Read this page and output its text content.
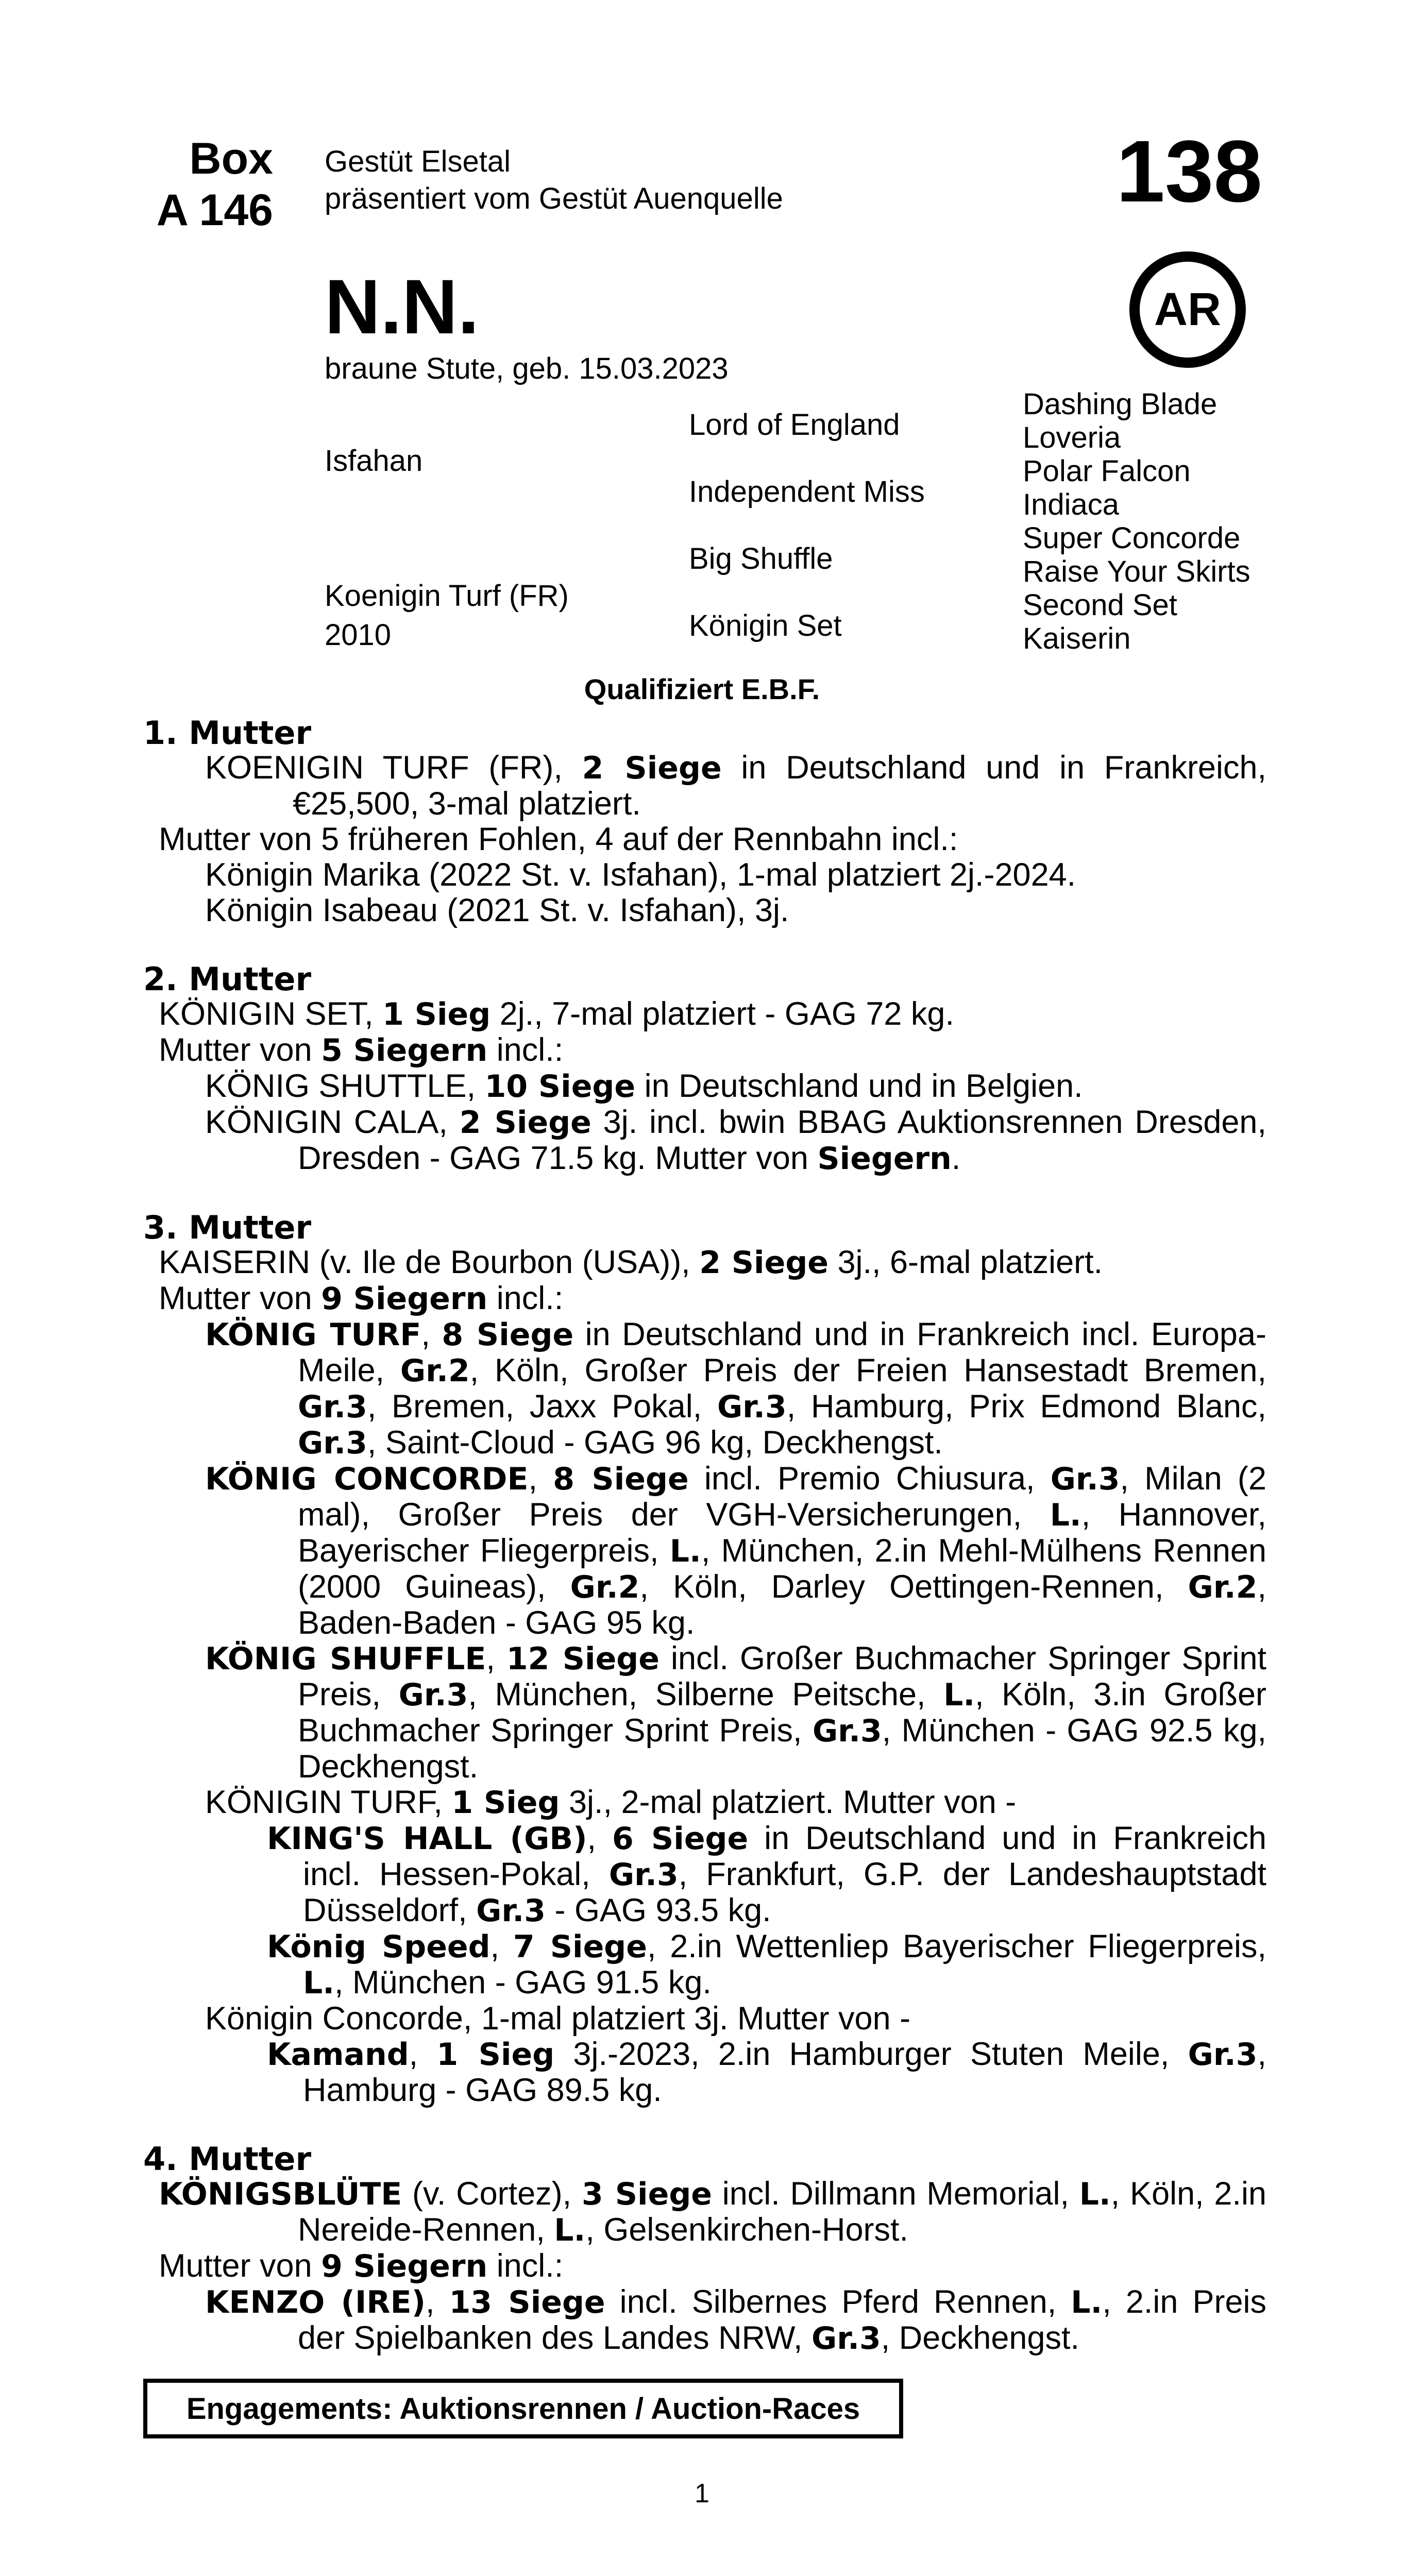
Box
A 146
Gestüt Elsetal
präsentiert vom Gestüt Auenquelle	138
AR
N.N.
braune Stute, geb. 15.03.2023
Isfahan
Koenigin Turf (FR)
2010
Lord of England
Independent Miss
Big Shuffle
Königin Set
Dashing Blade
Loveria
Polar Falcon
Indiaca
Super Concorde
Raise Your Skirts
Second Set
Kaiserin
Qualifiziert E.B.F.
1. Mutter

KOENIGIN TURF (FR), 2 Siege in Deutschland und in Frankreich, €25,500, 3-mal platziert.

Mutter von 5 früheren Fohlen, 4 auf der Rennbahn incl.:

Königin Marika (2022 St. v. Isfahan), 1-mal platziert 2j.-2024.

Königin Isabeau (2021 St. v. Isfahan), 3j.

2. Mutter

KÖNIGIN SET, 1 Sieg 2j., 7-mal platziert - GAG 72 kg.

Mutter von 5 Siegern incl.:

KÖNIG SHUTTLE, 10 Siege in Deutschland und in Belgien.

KÖNIGIN CALA, 2 Siege 3j. incl. bwin BBAG Auktionsrennen Dresden, Dresden - GAG 71.5 kg. Mutter von Siegern.

3. Mutter

KAISERIN (v. Ile de Bourbon (USA)), 2 Siege 3j., 6-mal platziert.

Mutter von 9 Siegern incl.:

KÖNIG TURF, 8 Siege in Deutschland und in Frankreich incl. Europa-Meile, Gr.2, Köln, Großer Preis der Freien Hansestadt Bremen, Gr.3, Bremen, Jaxx Pokal, Gr.3, Hamburg, Prix Edmond Blanc, Gr.3, Saint-Cloud - GAG 96 kg, Deckhengst.

KÖNIG CONCORDE, 8 Siege incl. Premio Chiusura, Gr.3, Milan (2 mal), Großer Preis der VGH-Versicherungen, L., Hannover, Bayerischer Fliegerpreis, L., München, 2.in Mehl-Mülhens Rennen (2000 Guineas), Gr.2, Köln, Darley Oettingen-Rennen, Gr.2, Baden-Baden - GAG 95 kg.

KÖNIG SHUFFLE, 12 Siege incl. Großer Buchmacher Springer Sprint Preis, Gr.3, München, Silberne Peitsche, L., Köln, 3.in Großer Buchmacher Springer Sprint Preis, Gr.3, München - GAG 92.5 kg, Deckhengst.

KÖNIGIN TURF, 1 Sieg 3j., 2-mal platziert. Mutter von -

KING'S HALL (GB), 6 Siege in Deutschland und in Frankreich incl. Hessen-Pokal, Gr.3, Frankfurt, G.P. der Landeshauptstadt Düsseldorf, Gr.3 - GAG 93.5 kg.

König Speed, 7 Siege, 2.in Wettenliep Bayerischer Fliegerpreis, L., München - GAG 91.5 kg.

Königin Concorde, 1-mal platziert 3j. Mutter von -

Kamand, 1 Sieg 3j.-2023, 2.in Hamburger Stuten Meile, Gr.3, Hamburg - GAG 89.5 kg.

4. Mutter

KÖNIGSBLÜTE (v. Cortez), 3 Siege incl. Dillmann Memorial, L., Köln, 2.in Nereide-Rennen, L., Gelsenkirchen-Horst.

Mutter von 9 Siegern incl.:

KENZO (IRE), 13 Siege incl. Silbernes Pferd Rennen, L., 2.in Preis der Spielbanken des Landes NRW, Gr.3, Deckhengst.

Engagements: Auktionsrennen / Auction-Races
1
